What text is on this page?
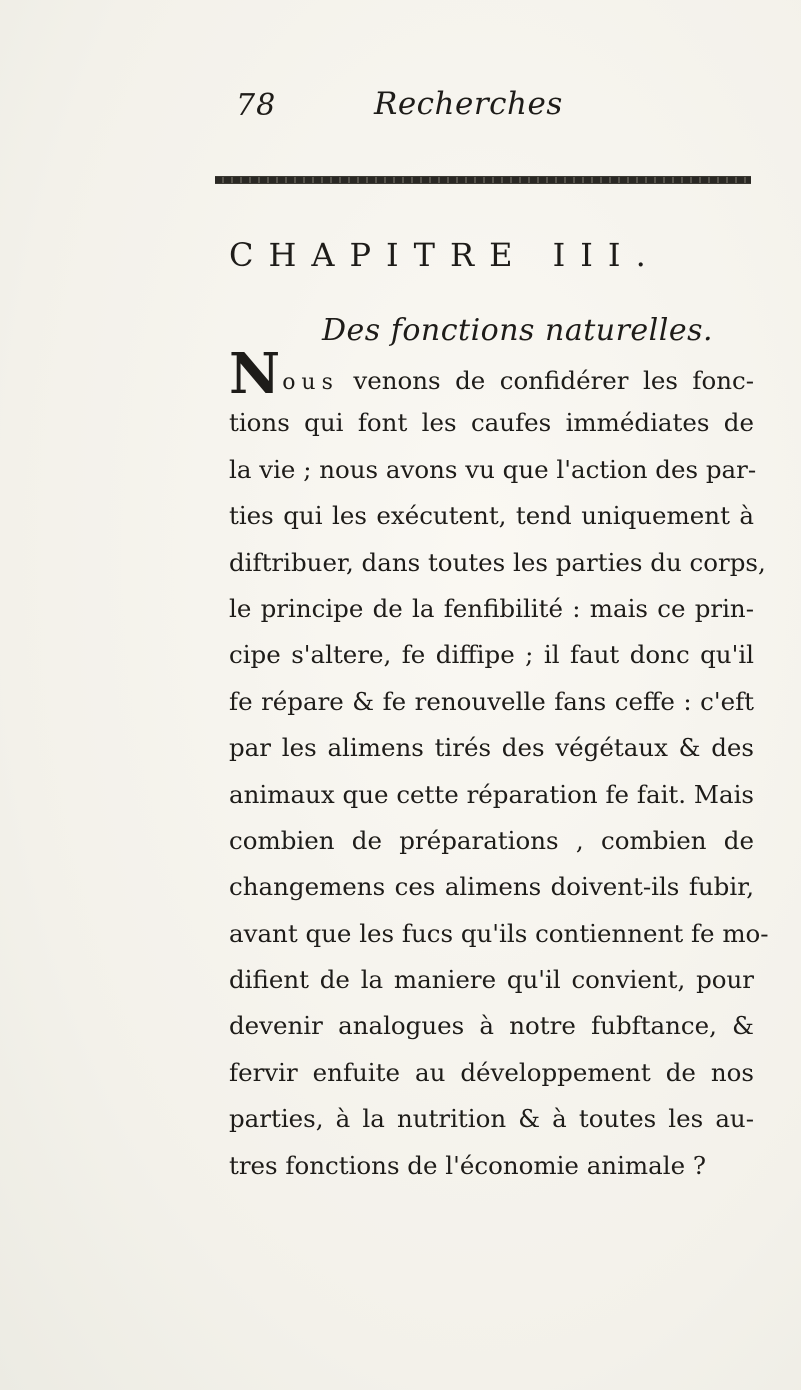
78	Recherches
CHAPITRE III.
Des fonctions naturelles.
Nous venons de confidérer les fonc-
tions qui font les caufes immédiates de
la vie ; nous avons vu que l'action des par-
ties qui les exécutent, tend uniquement à
diftribuer, dans toutes les parties du corps,
le principe de la fenfibilité : mais ce prin-
cipe s'altere, fe diffipe ; il faut donc qu'il
fe répare & fe renouvelle fans ceffe : c'eft
par les alimens tirés des végétaux & des
animaux que cette réparation fe fait. Mais
combien de préparations , combien de
changemens ces alimens doivent-ils fubir,
avant que les fucs qu'ils contiennent fe mo-
difient de la maniere qu'il convient, pour
devenir analogues à notre fubftance, &
fervir enfuite au développement de nos
parties, à la nutrition & à toutes les au-
tres fonctions de l'économie animale ?
